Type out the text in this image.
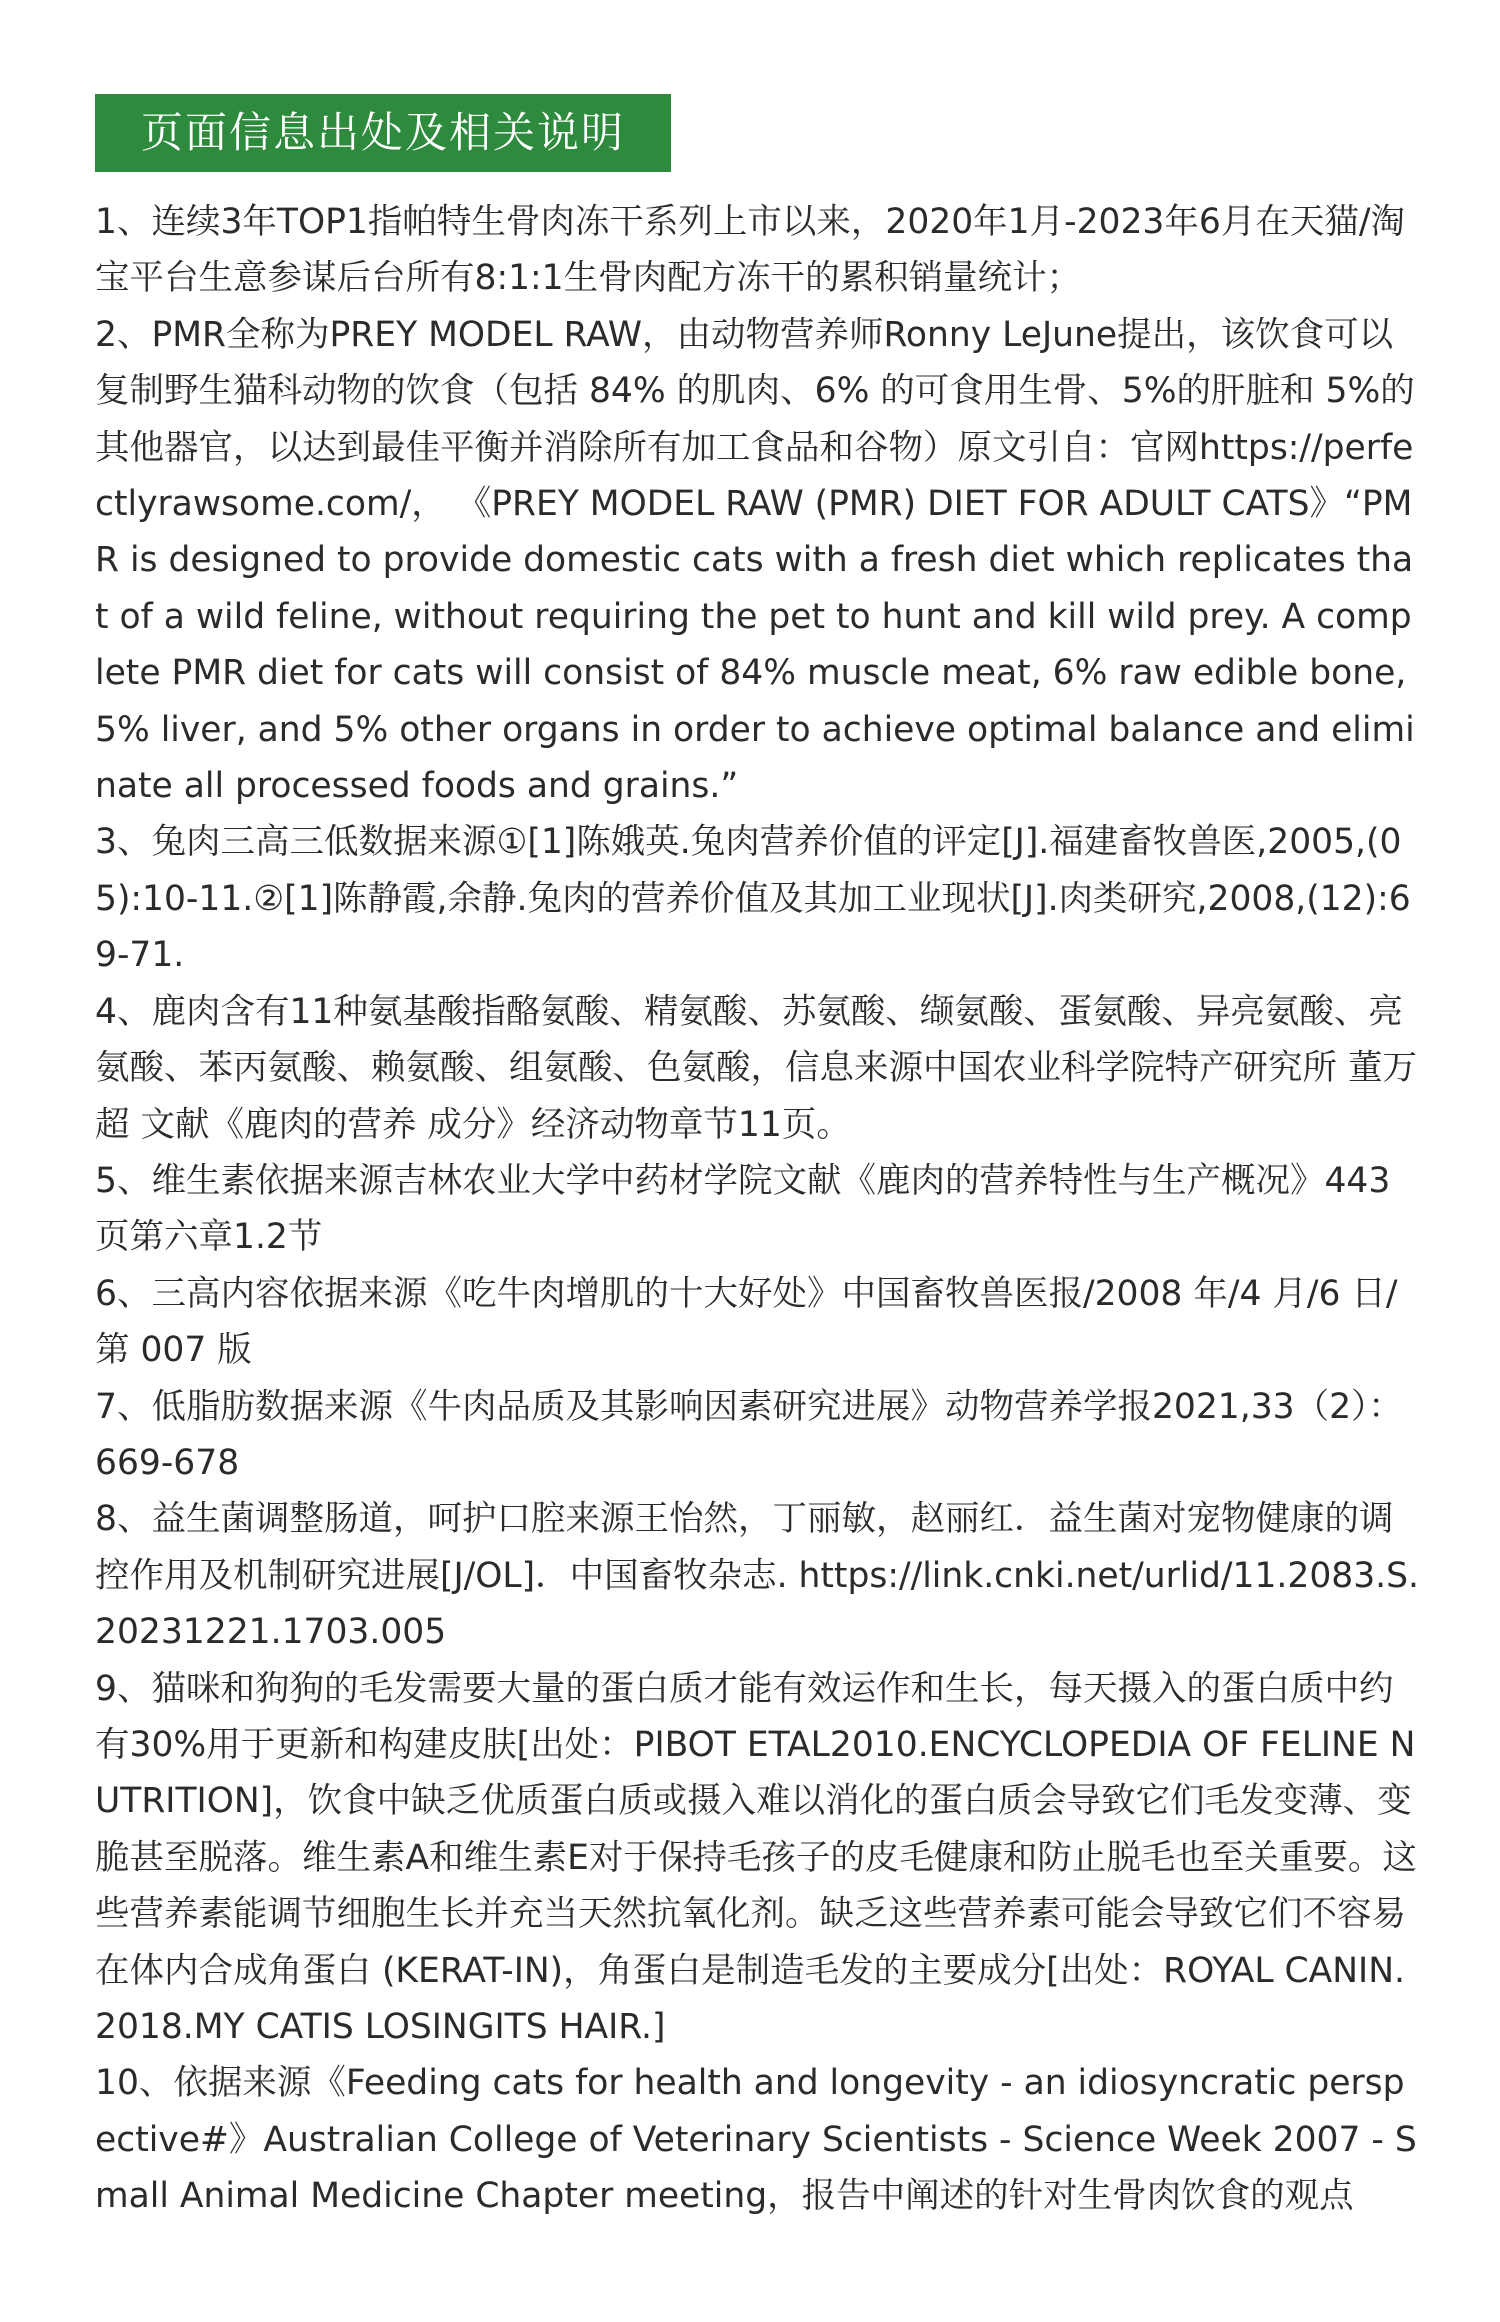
页面信息出处及相关说明
1、连续3年TOP1指帕特生骨肉冻干系列上市以来，2020年1月-2023年6月在天猫/淘宝平台生意参谋后台所有8:1:1生骨肉配方冻干的累积销量统计；
2、PMR全称为PREY MODEL RAW，由动物营养师Ronny LeJune提出，该饮食可以复制野生猫科动物的饮食（包括 84% 的肌肉、6% 的可食用生骨、5%的肝脏和 5%的其他器官，以达到最佳平衡并消除所有加工食品和谷物）原文引自：官网https://perfectlyrawsome.com/， 《PREY MODEL RAW (PMR) DIET FOR ADULT CATS》“PMR is designed to provide domestic cats with a fresh diet which replicates that of a wild feline, without requiring the pet to hunt and kill wild prey. A complete PMR diet for cats will consist of 84% muscle meat, 6% raw edible bone, 5% liver, and 5% other organs in order to achieve optimal balance and eliminate all processed foods and grains.”
3、兔肉三高三低数据来源①[1]陈娥英.兔肉营养价值的评定[J].福建畜牧兽医,2005,(05):10-11.②[1]陈静霞,余静.兔肉的营养价值及其加工业现状[J].肉类研究,2008,(12):69-71.
4、鹿肉含有11种氨基酸指酪氨酸、精氨酸、苏氨酸、缬氨酸、蛋氨酸、异亮氨酸、亮氨酸、苯丙氨酸、赖氨酸、组氨酸、色氨酸，信息来源中国农业科学院特产研究所 董万超 文献《鹿肉的营养 成分》经济动物章节11页。
5、维生素依据来源吉林农业大学中药材学院文献《鹿肉的营养特性与生产概况》443页第六章1.2节
6、三高内容依据来源《吃牛肉增肌的十大好处》中国畜牧兽医报/2008 年/4 月/6 日/第 007 版
7、低脂肪数据来源《牛肉品质及其影响因素研究进展》动物营养学报2021,33（2）：669-678
8、益生菌调整肠道，呵护口腔来源王怡然，丁丽敏，赵丽红．益生菌对宠物健康的调控作用及机制研究进展[J/OL]．中国畜牧杂志. https://link.cnki.net/urlid/11.2083.S.20231221.1703.005
9、猫咪和狗狗的毛发需要大量的蛋白质才能有效运作和生长，每天摄入的蛋白质中约有30%用于更新和构建皮肤[出处：PIBOT ETAL2010.ENCYCLOPEDIA OF FELINE NUTRITION]，饮食中缺乏优质蛋白质或摄入难以消化的蛋白质会导致它们毛发变薄、变脆甚至脱落。维生素A和维生素E对于保持毛孩子的皮毛健康和防止脱毛也至关重要。这些营养素能调节细胞生长并充当天然抗氧化剂。缺乏这些营养素可能会导致它们不容易在体内合成角蛋白 (KERAT-IN)，角蛋白是制造毛发的主要成分[出处：ROYAL CANIN.2018.MY CATIS LOSINGITS HAIR.]
10、依据来源《Feeding cats for health and longevity - an idiosyncratic perspective#》Australian College of Veterinary Scientists - Science Week 2007 - Small Animal Medicine Chapter meeting，报告中阐述的针对生骨肉饮食的观点
